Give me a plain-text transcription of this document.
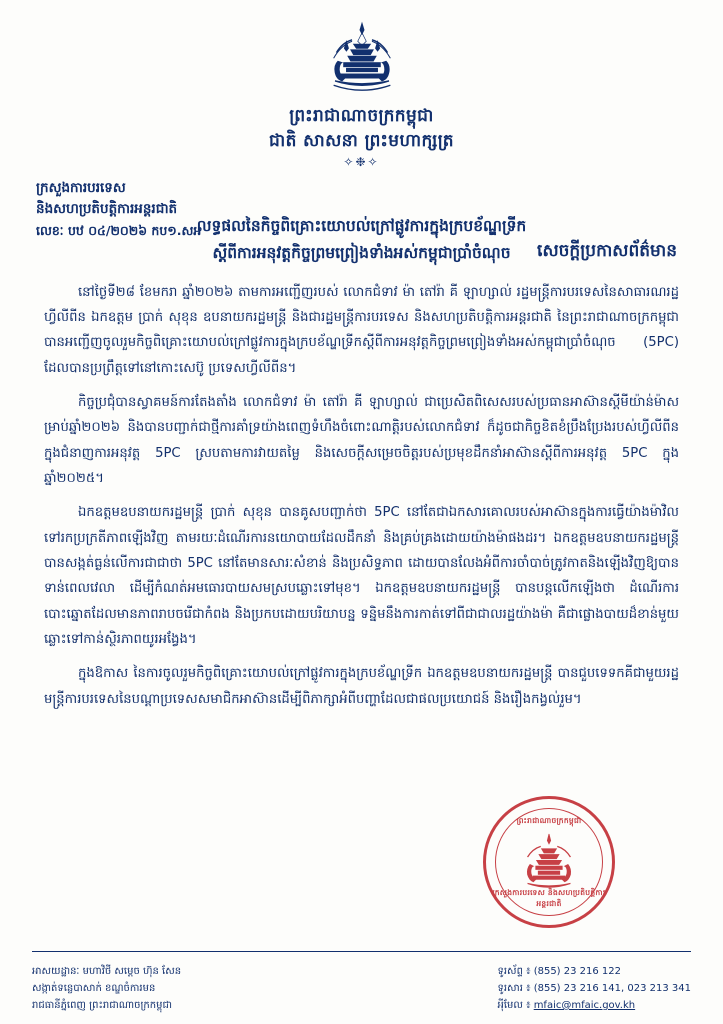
ព្រះរាជាណាចក្រកម្ពុជា
ជាតិ សាសនា ព្រះមហាក្សត្រ
✧❉✧
ក្រសួងការបរទេស
និងសហប្រតិបត្តិការអន្តរជាតិ
លេខៈ បឋ ០៤/២០២៦ កប១.សអ
សេចក្តីប្រកាសព័ត៌មាន
លទ្ធផលនៃកិច្ចពិគ្រោះយោបល់ក្រៅផ្លូវការក្នុងក្របខ័ណ្ឌទ្រីក
ស្តីពីការអនុវត្តកិច្ចព្រមព្រៀងទាំងអស់កម្ពុជាប្រាំចំណុច

នៅថ្ងៃទី២៨ ខែមករា ឆ្នាំ២០២៦ តាមការអញ្ជើញរបស់ លោកជំទាវ ម៉ា តៅរ៉ា គី ឡាហ្សាល់ រដ្ឋមន្ត្រីការបរទេសនៃសាធារណរដ្ឋហ្វីលីពីន ឯកឧត្តម ប្រាក់ សុខុន ឧបនាយករដ្ឋមន្ត្រី និងជារដ្ឋមន្ត្រីការបរទេស និងសហប្រតិបត្តិការអន្តរជាតិ នៃព្រះរាជាណាចក្រកម្ពុជា បានអញ្ជើញចូលរួមកិច្ចពិគ្រោះយោបល់ក្រៅផ្លូវការក្នុងក្របខ័ណ្ឌទ្រីកស្តីពីការអនុវត្តកិច្ចព្រមព្រៀងទាំងអស់កម្ពុជាប្រាំចំណុច (5PC) ដែលបានប្រព្រឹត្តទៅនៅកោះសេប៊ូ ប្រទេសហ្វីលីពីន។

កិច្ចប្រជុំបានស្វាគមន៍ការតែងតាំង លោកជំទាវ ម៉ា តៅរ៉ា គី ឡាហ្សាល់ ជាប្រេសិតពិសេសរបស់ប្រធានអាស៊ានស្តីមីយ៉ាន់ម៉ាសម្រាប់ឆ្នាំ២០២៦ និងបានបញ្ជាក់ជាថ្មីការគាំទ្រយ៉ាងពេញទំហឹងចំពោះណាត្តិរបស់លោកជំទាវ ក៏ដូចជាកិច្ចខិតខំប្រឹងប្រែងរបស់ហ្វីលីពីនក្នុងជំនាញការអនុវត្ត 5PC ស្របតាមការវាយតម្លៃ និងសេចក្តីសម្រេចចិត្តរបស់ប្រមុខដឹកនាំអាស៊ានស្តីពីការអនុវត្ត 5PC ក្នុង ឆ្នាំ២០២៥។

ឯកឧត្តមឧបនាយករដ្ឋមន្ត្រី ប្រាក់ សុខុន បានគូសបញ្ជាក់ថា 5PC នៅតែជាឯកសារគោលរបស់អាស៊ានក្នុងការធ្វើយ៉ាងម៉ាវិលទៅរកប្រក្រតីភាពឡើងវិញ តាមរយៈដំណើរការនយោបាយដែលដឹកនាំ និងគ្រប់គ្រងដោយយ៉ាងម៉ាផងដរ។ ឯកឧត្តមឧបនាយករដ្ឋមន្ត្រី បានសង្កត់ធ្ងន់លើការជាជាថា 5PC នៅតែមានសារៈសំខាន់ និងប្រសិទ្ធភាព ដោយបានលែងអំពីការចាំបាច់ត្រូវកាតនិងឡើងវិញឱ្យបានទាន់ពេលវេលា ដើម្បីកំណត់អមធោរបាយសមស្របឆ្លោះទៅមុខ។ ឯកឧត្តមឧបនាយករដ្ឋមន្ត្រី បានបន្តលើកឡើងថា ដំណើរការបោះឆ្នោតដែលមានភាពរាបចរើជាកំពង និងប្រកបដោយបរិយាបន្ន ទន្និមនឹងការកាត់ទៅពីជាជាលរដ្ឋយ៉ាងម៉ា គឺជាផ្លោងបាយដ៏ខាន់មួយឆ្លោះទៅកាន់ស្ថិរភាពយូរអង្វែង។

ក្នុងឱកាស នៃការចូលរួមកិច្ចពិគ្រោះយោបល់ក្រៅផ្លូវការក្នុងក្របខ័ណ្ឌទ្រីក ឯកឧត្តមឧបនាយករដ្ឋមន្ត្រី បានជួបទេទកគីជាមួយរដ្ឋមន្ត្រីការបរទេសនៃបណ្តាប្រទេសសមាជិកអាស៊ានដើម្បីពិភាក្សាអំពីបញ្ហាដែលជាផលប្រយោជន៍ និងរឿងកង្វល់រួម។

ព្រះរាជាណាចក្រកម្ពុជា
ក្រសួងការបរទេស និងសហប្រតិបត្តិការអន្តរជាតិ
អាសយដ្ឋានៈ មហាវិថី សម្តេច ហ៊ុន សែន
សង្កាត់ទន្លេបាសាក់ ខណ្ឌចំការមន
រាជធានីភ្នំពេញ ព្រះរាជាណាចក្រកម្ពុជា
ទូរស័ព្ទ ៖ (855) 23 216 122
ទូរសារ ៖ (855) 23 216 141, 023 213 341
អុីមែល ៖ mfaic@mfaic.gov.kh
